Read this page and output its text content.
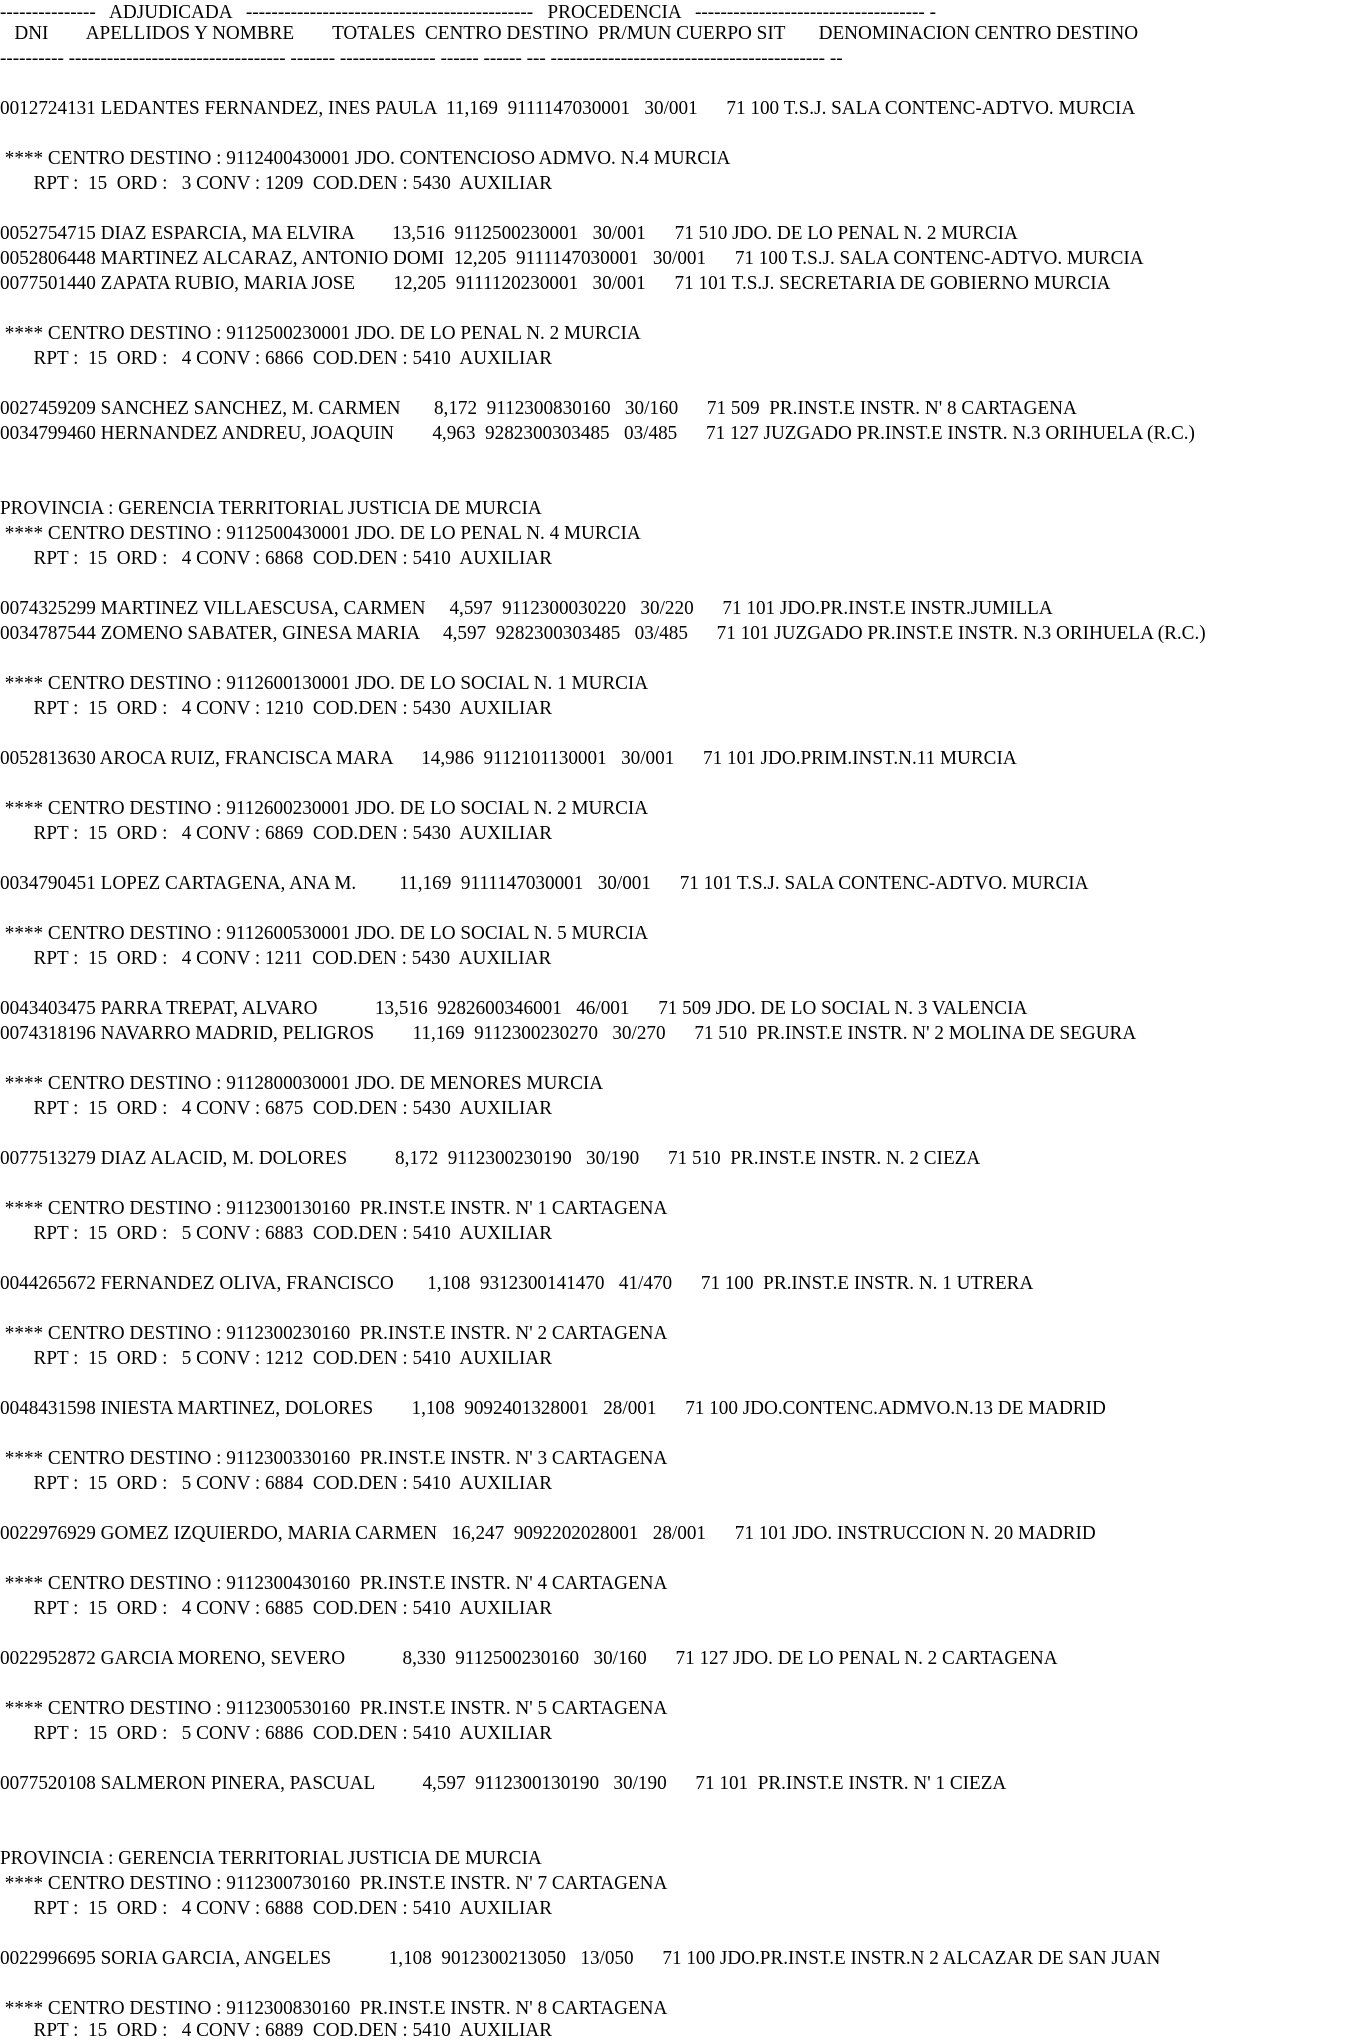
---------------   ADJUDICADA   ---------------------------------------------   PROCEDENCIA   ------------------------------------ -
DNI        APELLIDOS Y NOMBRE        TOTALES  CENTRO DESTINO  PR/MUN CUERPO SIT       DENOMINACION CENTRO DESTINO
---------- ---------------------------------- ------- --------------- ------ ------ --- ------------------------------------------- --
0012724131 LEDANTES FERNANDEZ, INES PAULA  11,169  9111147030001   30/001      71 100 T.S.J. SALA CONTENC-ADTVO. MURCIA
**** CENTRO DESTINO : 9112400430001 JDO. CONTENCIOSO ADMVO. N.4 MURCIA
RPT :  15  ORD :   3 CONV : 1209  COD.DEN : 5430  AUXILIAR
0052754715 DIAZ ESPARCIA, MA ELVIRA        13,516  9112500230001   30/001      71 510 JDO. DE LO PENAL N. 2 MURCIA
0052806448 MARTINEZ ALCARAZ, ANTONIO DOMI  12,205  9111147030001   30/001      71 100 T.S.J. SALA CONTENC-ADTVO. MURCIA
0077501440 ZAPATA RUBIO, MARIA JOSE        12,205  9111120230001   30/001      71 101 T.S.J. SECRETARIA DE GOBIERNO MURCIA
**** CENTRO DESTINO : 9112500230001 JDO. DE LO PENAL N. 2 MURCIA
RPT :  15  ORD :   4 CONV : 6866  COD.DEN : 5410  AUXILIAR
0027459209 SANCHEZ SANCHEZ, M. CARMEN       8,172  9112300830160   30/160      71 509  PR.INST.E INSTR. N' 8 CARTAGENA
0034799460 HERNANDEZ ANDREU, JOAQUIN        4,963  9282300303485   03/485      71 127 JUZGADO PR.INST.E INSTR. N.3 ORIHUELA (R.C.)
PROVINCIA : GERENCIA TERRITORIAL JUSTICIA DE MURCIA
**** CENTRO DESTINO : 9112500430001 JDO. DE LO PENAL N. 4 MURCIA
RPT :  15  ORD :   4 CONV : 6868  COD.DEN : 5410  AUXILIAR
0074325299 MARTINEZ VILLAESCUSA, CARMEN     4,597  9112300030220   30/220      71 101 JDO.PR.INST.E INSTR.JUMILLA
0034787544 ZOMENO SABATER, GINESA MARIA     4,597  9282300303485   03/485      71 101 JUZGADO PR.INST.E INSTR. N.3 ORIHUELA (R.C.)
**** CENTRO DESTINO : 9112600130001 JDO. DE LO SOCIAL N. 1 MURCIA
RPT :  15  ORD :   4 CONV : 1210  COD.DEN : 5430  AUXILIAR
0052813630 AROCA RUIZ, FRANCISCA MARA      14,986  9112101130001   30/001      71 101 JDO.PRIM.INST.N.11 MURCIA
**** CENTRO DESTINO : 9112600230001 JDO. DE LO SOCIAL N. 2 MURCIA
RPT :  15  ORD :   4 CONV : 6869  COD.DEN : 5430  AUXILIAR
0034790451 LOPEZ CARTAGENA, ANA M.         11,169  9111147030001   30/001      71 101 T.S.J. SALA CONTENC-ADTVO. MURCIA
**** CENTRO DESTINO : 9112600530001 JDO. DE LO SOCIAL N. 5 MURCIA
RPT :  15  ORD :   4 CONV : 1211  COD.DEN : 5430  AUXILIAR
0043403475 PARRA TREPAT, ALVARO            13,516  9282600346001   46/001      71 509 JDO. DE LO SOCIAL N. 3 VALENCIA
0074318196 NAVARRO MADRID, PELIGROS        11,169  9112300230270   30/270      71 510  PR.INST.E INSTR. N' 2 MOLINA DE SEGURA
**** CENTRO DESTINO : 9112800030001 JDO. DE MENORES MURCIA
RPT :  15  ORD :   4 CONV : 6875  COD.DEN : 5430  AUXILIAR
0077513279 DIAZ ALACID, M. DOLORES          8,172  9112300230190   30/190      71 510  PR.INST.E INSTR. N. 2 CIEZA
**** CENTRO DESTINO : 9112300130160  PR.INST.E INSTR. N' 1 CARTAGENA
RPT :  15  ORD :   5 CONV : 6883  COD.DEN : 5410  AUXILIAR
0044265672 FERNANDEZ OLIVA, FRANCISCO       1,108  9312300141470   41/470      71 100  PR.INST.E INSTR. N. 1 UTRERA
**** CENTRO DESTINO : 9112300230160  PR.INST.E INSTR. N' 2 CARTAGENA
RPT :  15  ORD :   5 CONV : 1212  COD.DEN : 5410  AUXILIAR
0048431598 INIESTA MARTINEZ, DOLORES        1,108  9092401328001   28/001      71 100 JDO.CONTENC.ADMVO.N.13 DE MADRID
**** CENTRO DESTINO : 9112300330160  PR.INST.E INSTR. N' 3 CARTAGENA
RPT :  15  ORD :   5 CONV : 6884  COD.DEN : 5410  AUXILIAR
0022976929 GOMEZ IZQUIERDO, MARIA CARMEN   16,247  9092202028001   28/001      71 101 JDO. INSTRUCCION N. 20 MADRID
**** CENTRO DESTINO : 9112300430160  PR.INST.E INSTR. N' 4 CARTAGENA
RPT :  15  ORD :   4 CONV : 6885  COD.DEN : 5410  AUXILIAR
0022952872 GARCIA MORENO, SEVERO            8,330  9112500230160   30/160      71 127 JDO. DE LO PENAL N. 2 CARTAGENA
**** CENTRO DESTINO : 9112300530160  PR.INST.E INSTR. N' 5 CARTAGENA
RPT :  15  ORD :   5 CONV : 6886  COD.DEN : 5410  AUXILIAR
0077520108 SALMERON PINERA, PASCUAL          4,597  9112300130190   30/190      71 101  PR.INST.E INSTR. N' 1 CIEZA
PROVINCIA : GERENCIA TERRITORIAL JUSTICIA DE MURCIA
**** CENTRO DESTINO : 9112300730160  PR.INST.E INSTR. N' 7 CARTAGENA
RPT :  15  ORD :   4 CONV : 6888  COD.DEN : 5410  AUXILIAR
0022996695 SORIA GARCIA, ANGELES            1,108  9012300213050   13/050      71 100 JDO.PR.INST.E INSTR.N 2 ALCAZAR DE SAN JUAN
**** CENTRO DESTINO : 9112300830160  PR.INST.E INSTR. N' 8 CARTAGENA
RPT :  15  ORD :   4 CONV : 6889  COD.DEN : 5410  AUXILIAR
